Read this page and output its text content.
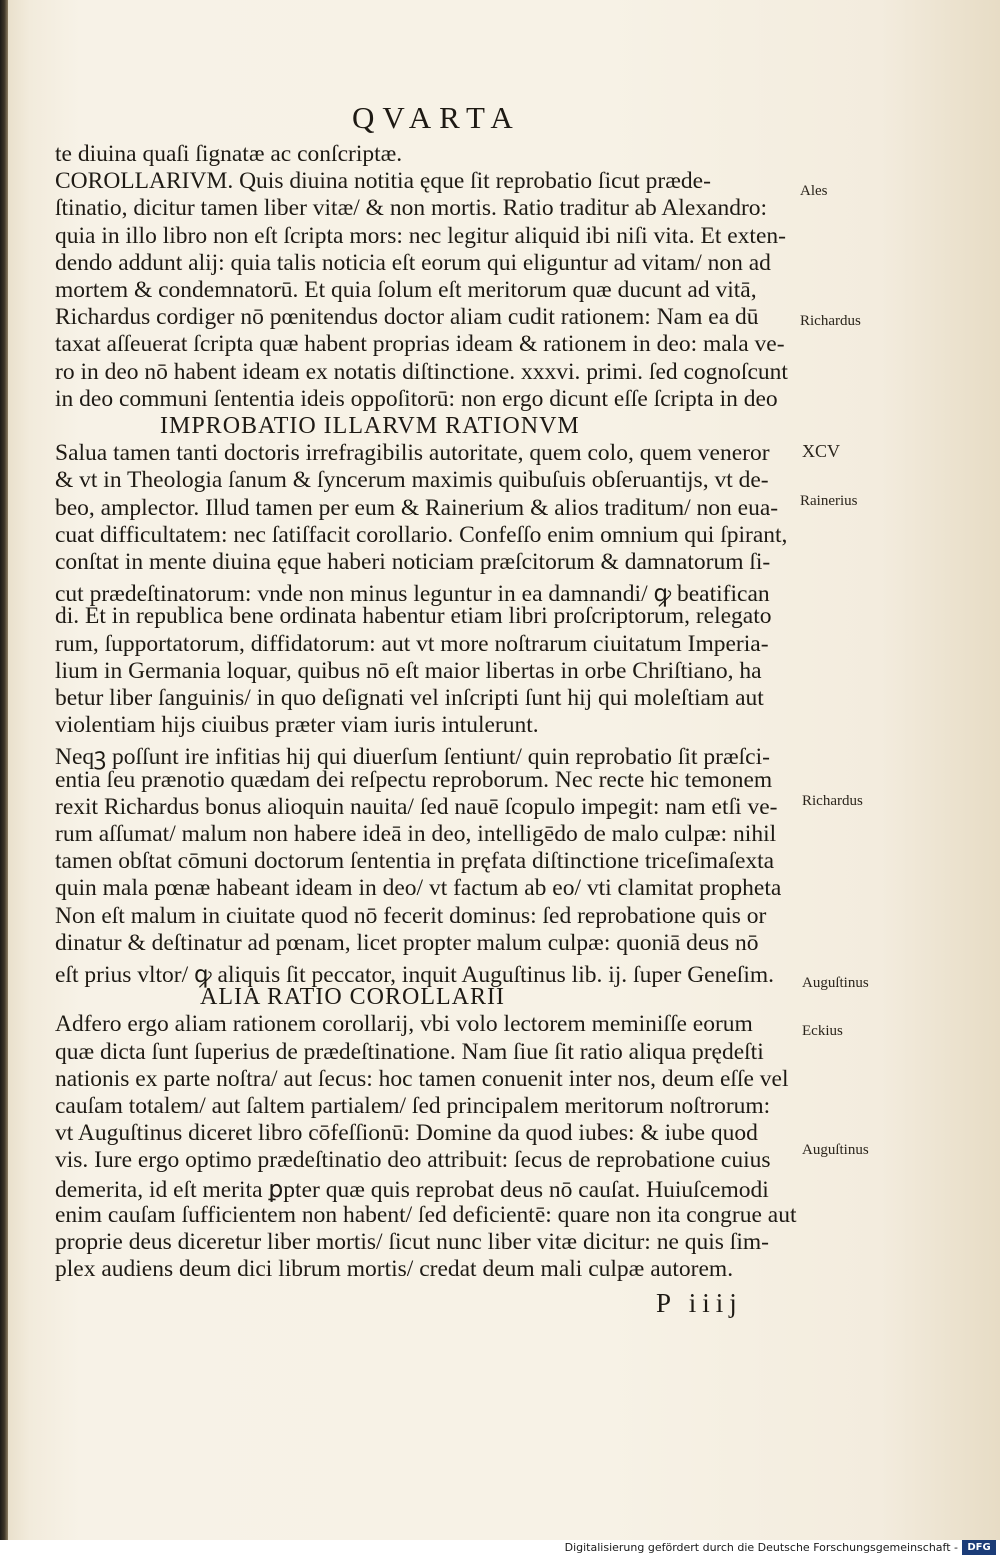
QVARTA
te diuina quaſi ſignatæ ac conſcriptæ.
COROLLARIVM. Quis diuina notitia ęque ſit reprobatio ſicut præde-
ſtinatio, dicitur tamen liber vitæ/ & non mortis. Ratio traditur ab Alexandro:
quia in illo libro non eſt ſcripta mors: nec legitur aliquid ibi niſi vita. Et exten-
dendo addunt alij: quia talis noticia eſt eorum qui eliguntur ad vitam/ non ad
mortem & condemnatorū. Et quia ſolum eſt meritorum quæ ducunt ad vitā,
Richardus cordiger nō pœnitendus doctor aliam cudit rationem: Nam ea dū
taxat aſſeuerat ſcripta quæ habent proprias ideam & rationem in deo: mala ve-
ro in deo nō habent ideam ex notatis diſtinctione. xxxvi. primi. ſed cognoſcunt
in deo communi ſententia ideis oppoſitorū: non ergo dicunt eſſe ſcripta in deo
IMPROBATIO ILLARVM RATIONVM
Salua tamen tanti doctoris irrefragibilis autoritate, quem colo, quem veneror
& vt in Theologia ſanum & ſyncerum maximis quibuſuis obſeruantijs, vt de-
beo, amplector. Illud tamen per eum & Rainerium & alios traditum/ non eua-
cuat difficultatem: nec ſatiſfacit corollario. Confeſſo enim omnium qui ſpirant,
conſtat in mente diuina ęque haberi noticiam præſcitorum & damnatorum ſi-
cut prædeſtinatorum: vnde non minus leguntur in ea damnandi/ ꝙ beatifican
di. Et in republica bene ordinata habentur etiam libri proſcriptorum, relegato
rum, ſupportatorum, diffidatorum: aut vt more noſtrarum ciuitatum Imperia-
lium in Germania loquar, quibus nō eſt maior libertas in orbe Chriſtiano, ha
betur liber ſanguinis/ in quo deſignati vel inſcripti ſunt hij qui moleſtiam aut
violentiam hijs ciuibus præter viam iuris intulerunt.
Neqꝫ poſſunt ire infitias hij qui diuerſum ſentiunt/ quin reprobatio ſit præſci-
entia ſeu prænotio quædam dei reſpectu reproborum. Nec recte hic temonem
rexit Richardus bonus alioquin nauita/ ſed nauē ſcopulo impegit: nam etſi ve-
rum aſſumat/ malum non habere ideā in deo, intelligēdo de malo culpæ: nihil
tamen obſtat cōmuni doctorum ſententia in pręfata diſtinctione triceſimaſexta
quin mala pœnæ habeant ideam in deo/ vt factum ab eo/ vti clamitat propheta
Non eſt malum in ciuitate quod nō fecerit dominus: ſed reprobatione quis or
dinatur & deſtinatur ad pœnam, licet propter malum culpæ: quoniā deus nō
eſt prius vltor/ ꝙ aliquis ſit peccator, inquit Auguſtinus lib. ij. ſuper Geneſim.
ALIA RATIO COROLLARII
Adfero ergo aliam rationem corollarij, vbi volo lectorem meminiſſe eorum
quæ dicta ſunt ſuperius de prædeſtinatione. Nam ſiue ſit ratio aliqua prędeſti
nationis ex parte noſtra/ aut ſecus: hoc tamen conuenit inter nos, deum eſſe vel
cauſam totalem/ aut ſaltem partialem/ ſed principalem meritorum noſtrorum:
vt Auguſtinus diceret libro cōfeſſionū: Domine da quod iubes: & iube quod
vis. Iure ergo optimo prædeſtinatio deo attribuit: ſecus de reprobatione cuius
demerita, id eſt merita ꝑpter quæ quis reprobat deus nō cauſat. Huiuſcemodi
enim cauſam ſufficientem non habent/ ſed deficientē: quare non ita congrue aut
proprie deus diceretur liber mortis/ ſicut nunc liber vitæ dicitur: ne quis ſim-
plex audiens deum dici librum mortis/ credat deum mali culpæ autorem.
Ales
Richardus
XCV
Rainerius
Richardus
Auguſtinus
Eckius
Auguſtinus
P iiij
Digitalisierung gefördert durch die Deutsche Forschungsgemeinschaft - DFG
